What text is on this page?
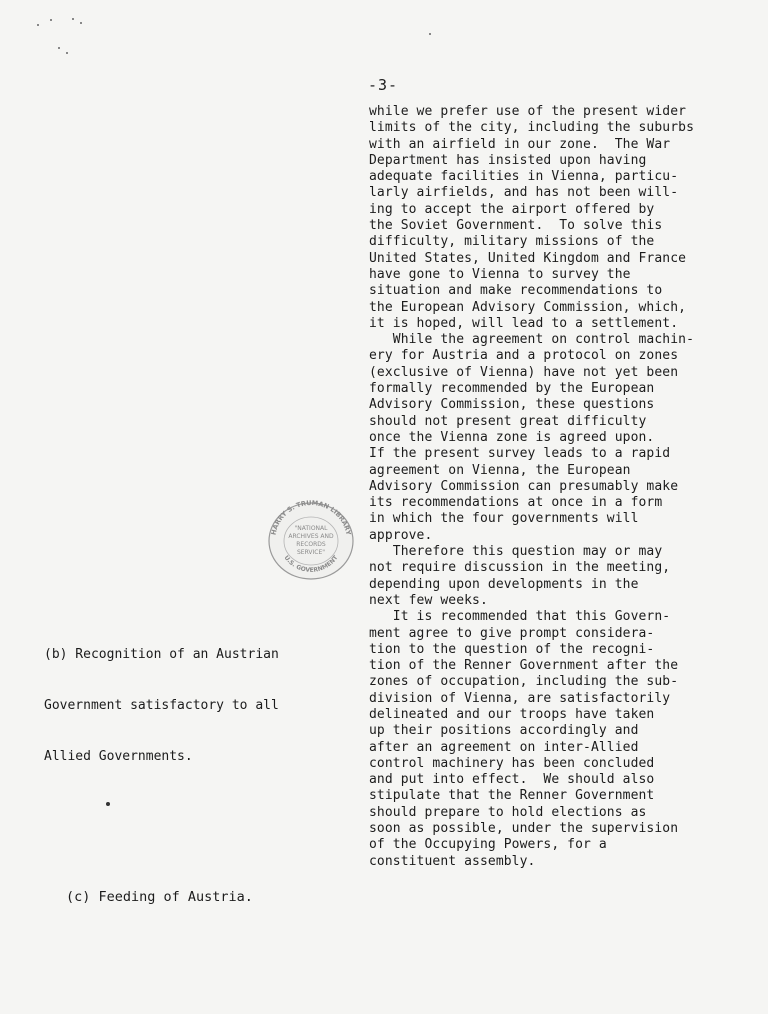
-3-
while we prefer use of the present wider
limits of the city, including the suburbs
with an airfield in our zone.  The War
Department has insisted upon having
adequate facilities in Vienna, particu-
larly airfields, and has not been will-
ing to accept the airport offered by
the Soviet Government.  To solve this
difficulty, military missions of the
United States, United Kingdom and France
have gone to Vienna to survey the
situation and make recommendations to
the European Advisory Commission, which,
it is hoped, will lead to a settlement.
While the agreement on control machin-
ery for Austria and a protocol on zones
(exclusive of Vienna) have not yet been
formally recommended by the European
Advisory Commission, these questions
should not present great difficulty
once the Vienna zone is agreed upon.
If the present survey leads to a rapid
agreement on Vienna, the European
Advisory Commission can presumably make
its recommendations at once in a form
in which the four governments will
approve.
Therefore this question may or may
not require discussion in the meeting,
depending upon developments in the
next few weeks.
It is recommended that this Govern-
ment agree to give prompt considera-
tion to the question of the recogni-
tion of the Renner Government after the
zones of occupation, including the sub-
division of Vienna, are satisfactorily
delineated and our troops have taken
up their positions accordingly and
after an agreement on inter-Allied
control machinery has been concluded
and put into effect.  We should also
stipulate that the Renner Government
should prepare to hold elections as
soon as possible, under the supervision
of the Occupying Powers, for a
constituent assembly.

(b) Recognition of an Austrian

Government satisfactory to all

Allied Governments.

(c) Feeding of Austria.
HARRY S. TRUMAN LIBRARY
U.S. GOVERNMENT
"NATIONAL
ARCHIVES AND
RECORDS
SERVICE"
